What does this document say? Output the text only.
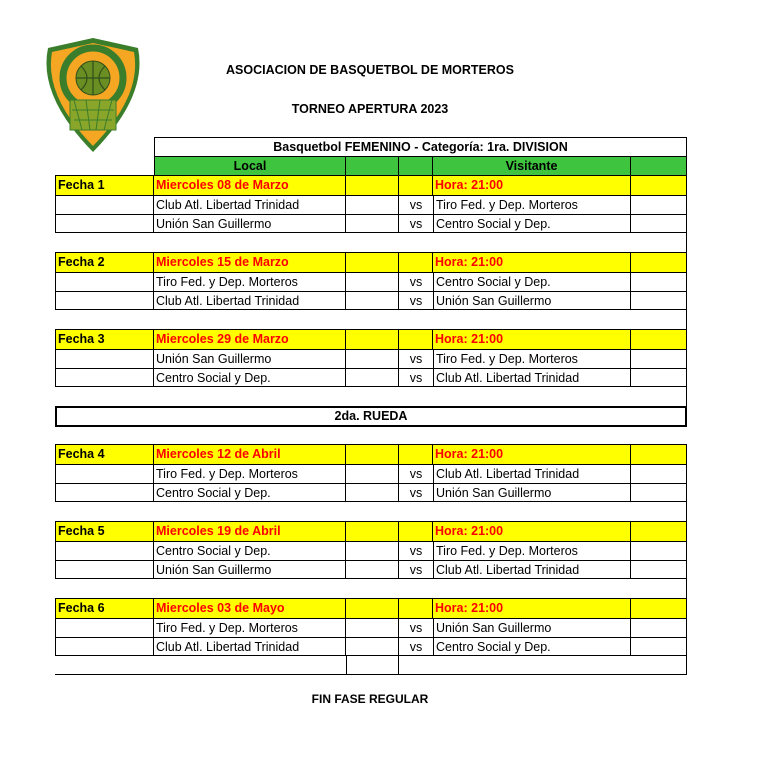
ASOCIACION DE BASQUETBOL DE MORTEROS
TORNEO APERTURA 2023
Basquetbol FEMENINO - Categoría: 1ra. DIVISION
Local	Visitante
Fecha 1	Miercoles 08 de Marzo	Hora: 21:00
Club Atl. Libertad Trinidad	vs	Tiro Fed. y Dep. Morteros
Unión San Guillermo	vs	Centro Social y Dep.
Fecha 2	Miercoles 15 de Marzo	Hora: 21:00
Tiro Fed. y Dep. Morteros	vs	Centro Social y Dep.
Club Atl. Libertad Trinidad	vs	Unión San Guillermo
Fecha 3	Miercoles 29 de Marzo	Hora: 21:00
Unión San Guillermo	vs	Tiro Fed. y Dep. Morteros
Centro Social y Dep.	vs	Club Atl. Libertad Trinidad
2da. RUEDA
Fecha 4	Miercoles 12 de Abril	Hora: 21:00
Tiro Fed. y Dep. Morteros	vs	Club Atl. Libertad Trinidad
Centro Social y Dep.	vs	Unión San Guillermo
Fecha 5	Miercoles 19 de Abril	Hora: 21:00
Centro Social y Dep.	vs	Tiro Fed. y Dep. Morteros
Unión San Guillermo	vs	Club Atl. Libertad Trinidad
Fecha 6	Miercoles 03 de Mayo	Hora: 21:00
Tiro Fed. y Dep. Morteros	vs	Unión San Guillermo
Club Atl. Libertad Trinidad	vs	Centro Social y Dep.
FIN FASE REGULAR
